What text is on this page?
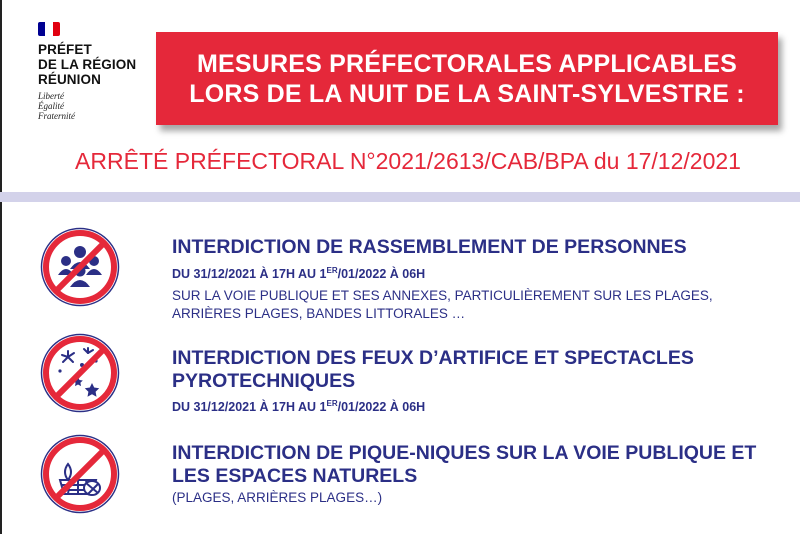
PRÉFET
DE LA RÉGION
RÉUNION
Liberté
Égalité
Fraternité
MESURES PRÉFECTORALES APPLICABLES
LORS DE LA NUIT DE LA SAINT-SYLVESTRE :
ARRÊTÉ PRÉFECTORAL N°2021/2613/CAB/BPA du 17/12/2021
INTERDICTION DE RASSEMBLEMENT DE PERSONNES
DU 31/12/2021 À 17H AU 1ER/01/2022 À 06H
SUR LA VOIE PUBLIQUE ET SES ANNEXES, PARTICULIÈREMENT SUR LES PLAGES, ARRIÈRES PLAGES, BANDES LITTORALES …
INTERDICTION DES FEUX D’ARTIFICE ET SPECTACLES PYROTECHNIQUES
DU 31/12/2021 À 17H AU 1ER/01/2022 À 06H
INTERDICTION DE PIQUE-NIQUES SUR LA VOIE PUBLIQUE ET LES ESPACES NATURELS
(PLAGES, ARRIÈRES PLAGES…)
